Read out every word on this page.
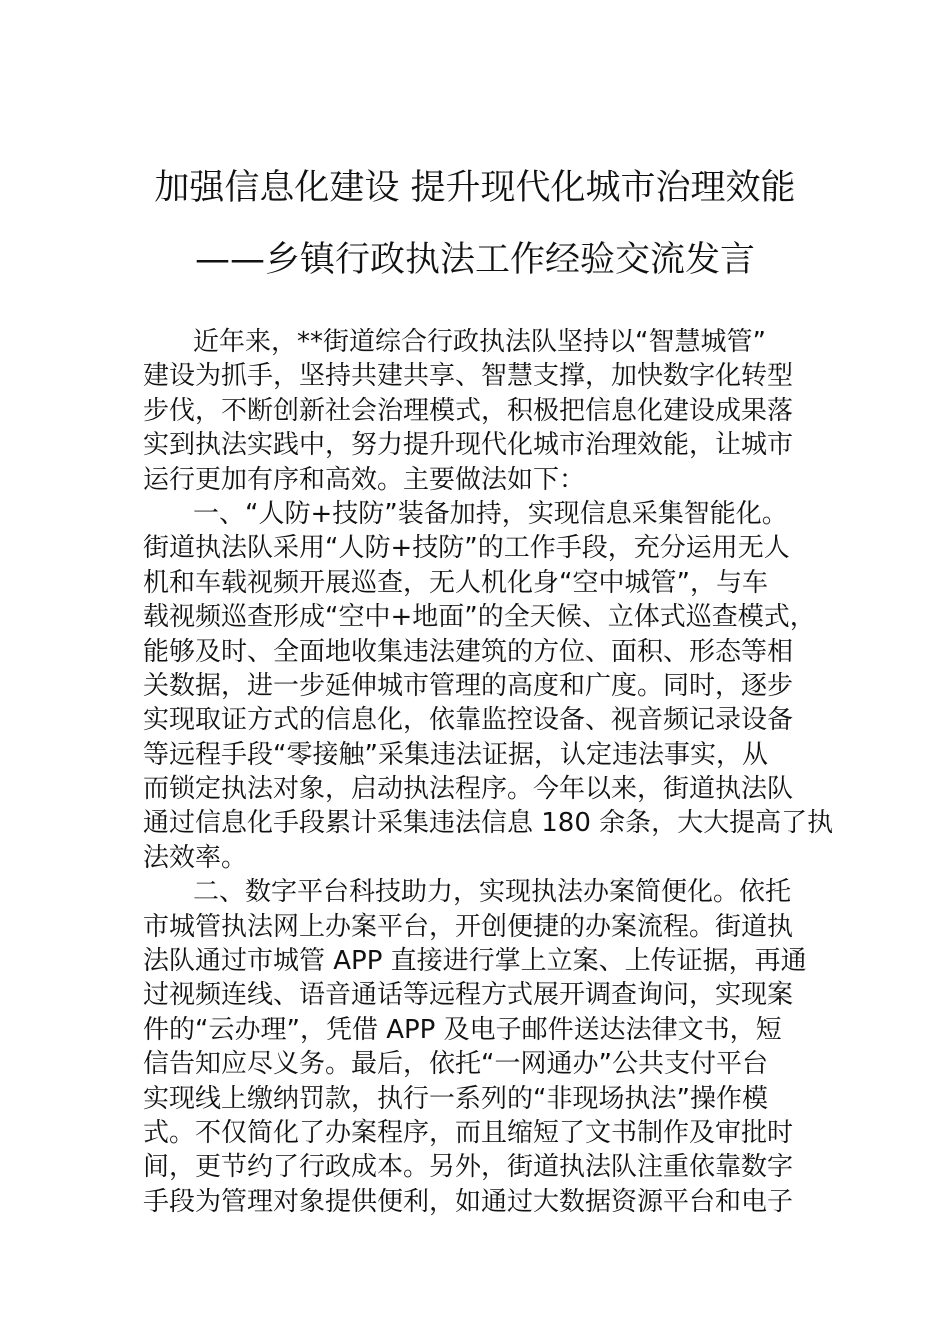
加强信息化建设 提升现代化城市治理效能
——乡镇行政执法工作经验交流发言
近年来，**街道综合行政执法队坚持以“智慧城管”
建设为抓手，坚持共建共享、智慧支撑，加快数字化转型
步伐，不断创新社会治理模式，积极把信息化建设成果落
实到执法实践中，努力提升现代化城市治理效能，让城市
运行更加有序和高效。主要做法如下：
一、“人防+技防”装备加持，实现信息采集智能化。
街道执法队采用“人防+技防”的工作手段，充分运用无人
机和车载视频开展巡查，无人机化身“空中城管”，与车
载视频巡查形成“空中+地面”的全天候、立体式巡查模式，
能够及时、全面地收集违法建筑的方位、面积、形态等相
关数据，进一步延伸城市管理的高度和广度。同时，逐步
实现取证方式的信息化，依靠监控设备、视音频记录设备
等远程手段“零接触”采集违法证据，认定违法事实，从
而锁定执法对象，启动执法程序。今年以来，街道执法队
通过信息化手段累计采集违法信息 180 余条，大大提高了执
法效率。
二、数字平台科技助力，实现执法办案简便化。依托
市城管执法网上办案平台，开创便捷的办案流程。街道执
法队通过市城管 APP 直接进行掌上立案、上传证据，再通
过视频连线、语音通话等远程方式展开调查询问，实现案
件的“云办理”，凭借 APP 及电子邮件送达法律文书，短
信告知应尽义务。最后，依托“一网通办”公共支付平台
实现线上缴纳罚款，执行一系列的“非现场执法”操作模
式。不仅简化了办案程序，而且缩短了文书制作及审批时
间，更节约了行政成本。另外，街道执法队注重依靠数字
手段为管理对象提供便利，如通过大数据资源平台和电子
